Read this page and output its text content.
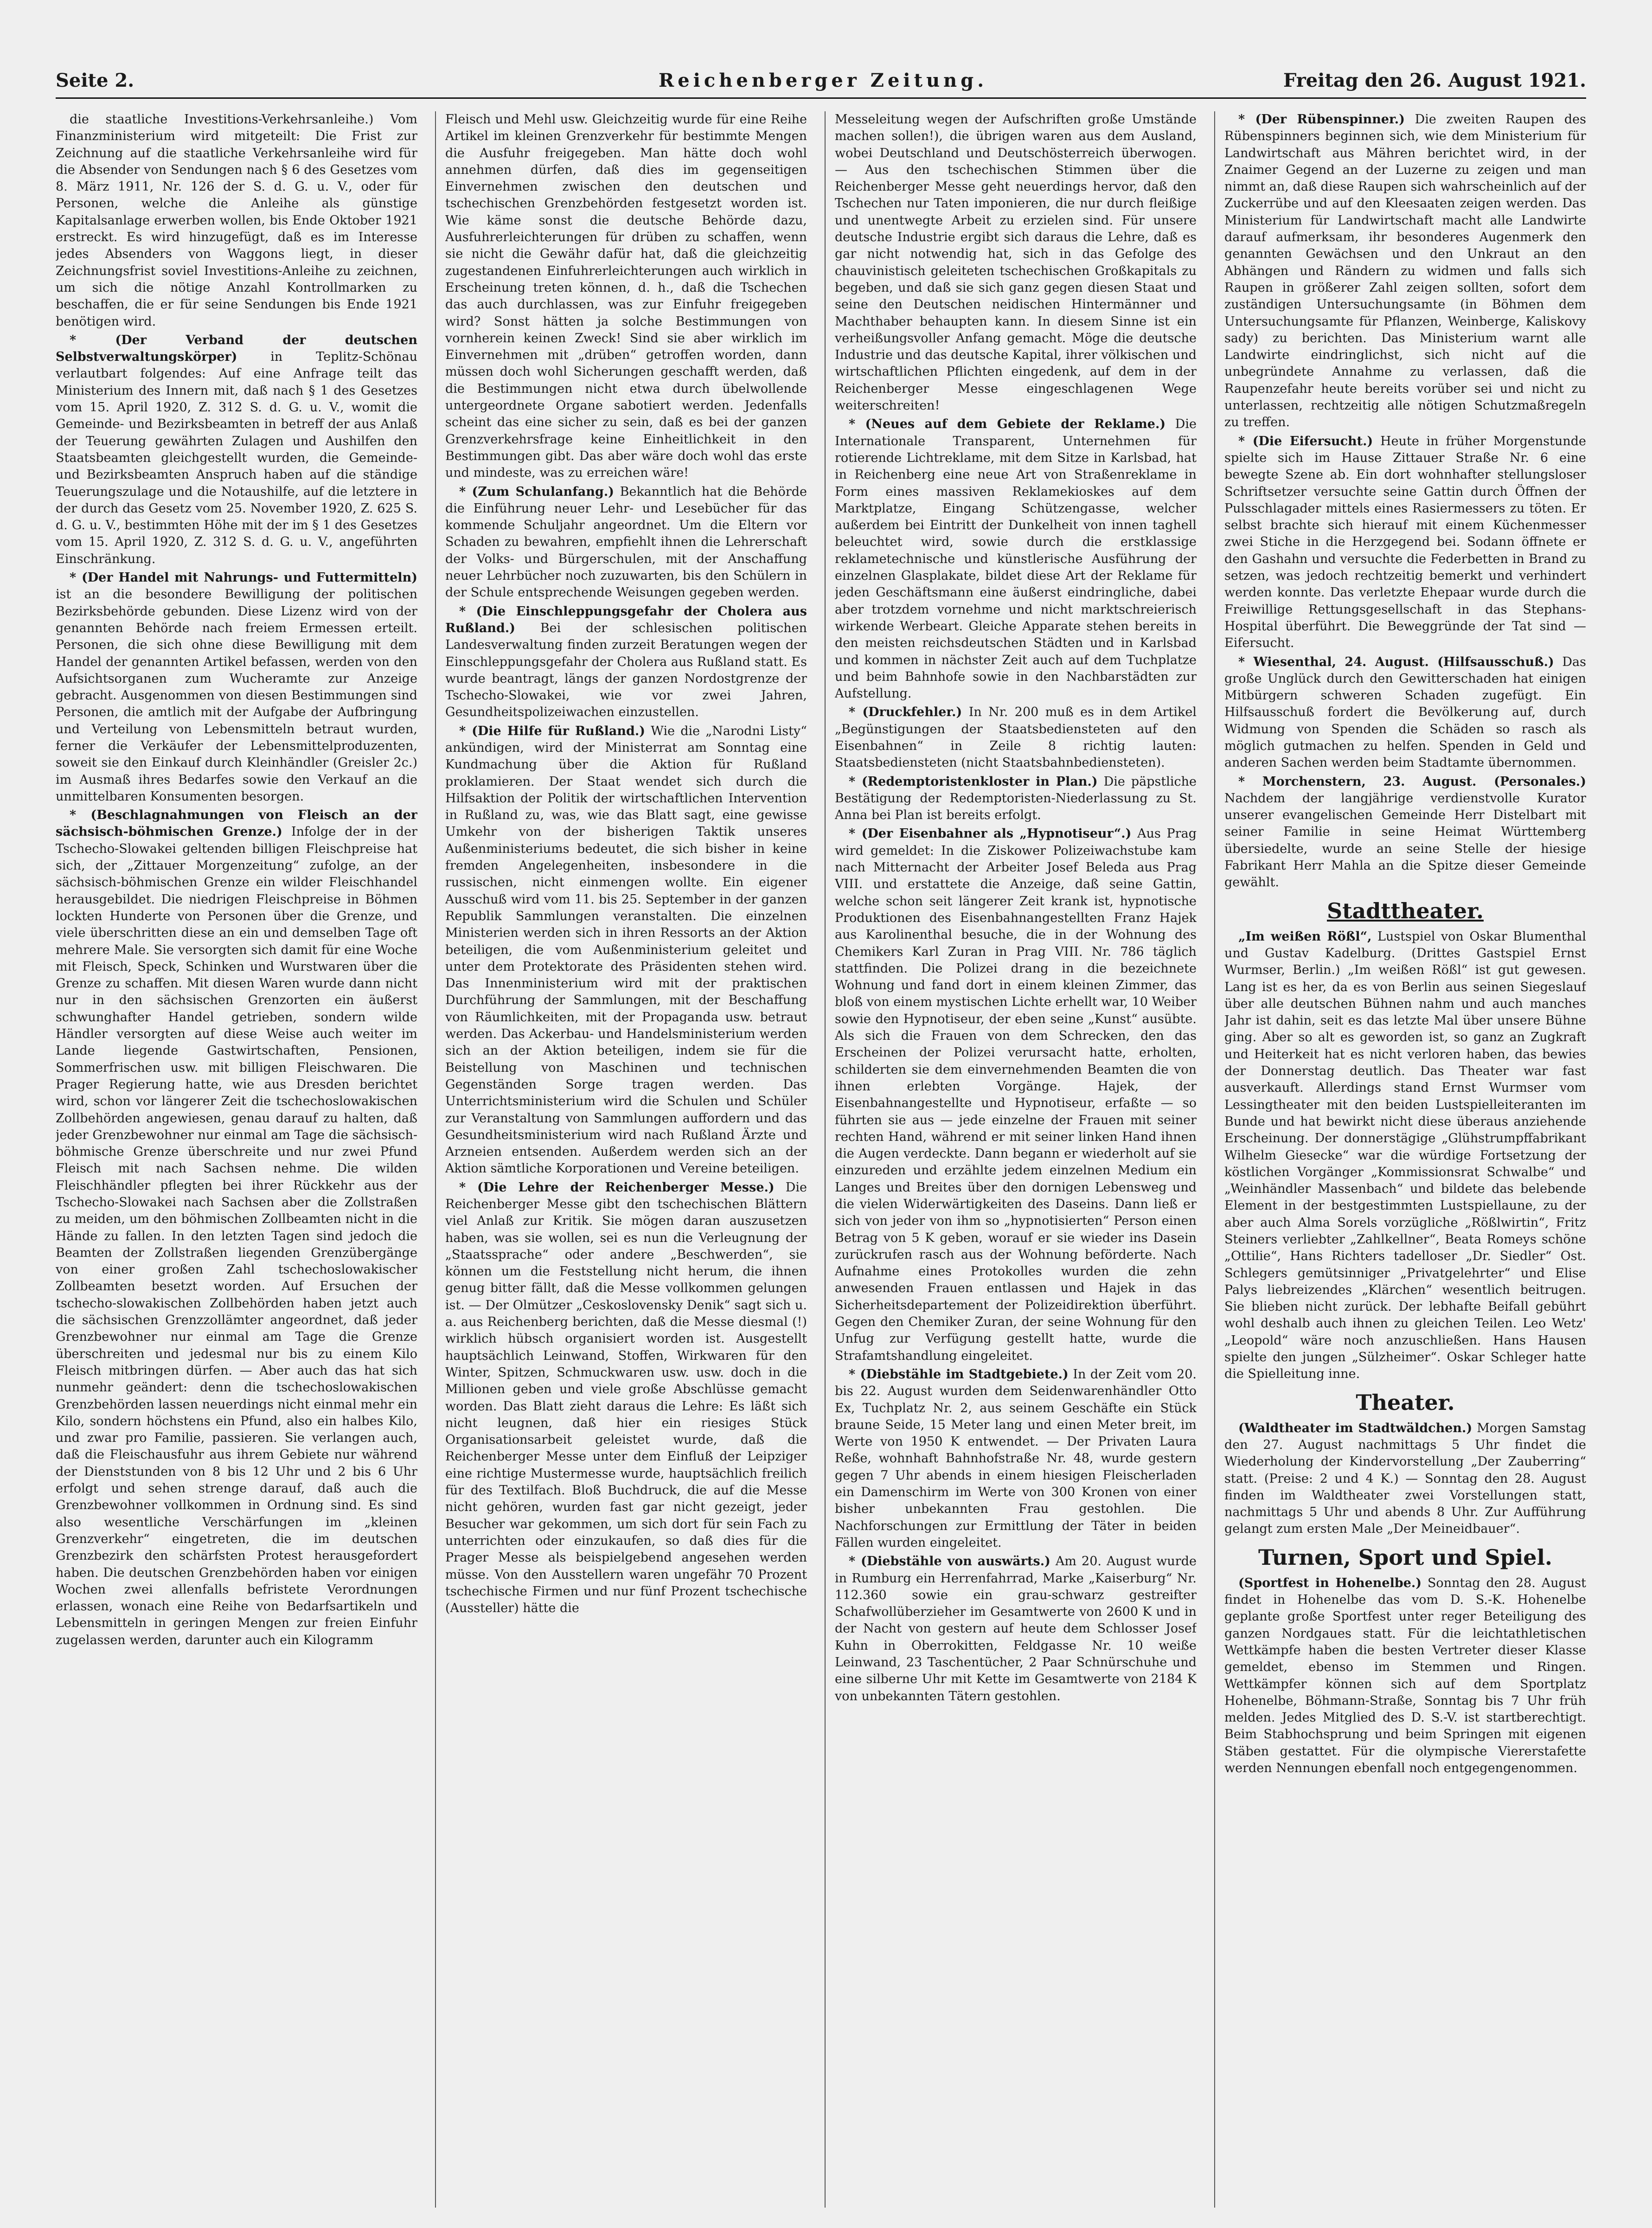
Seite 2.	Reichenberger Zeitung.	Freitag den 26. August 1921.

die staatliche Investitions-Verkehrsanleihe.) Vom Finanzministerium wird mitgeteilt: Die Frist zur Zeichnung auf die staatliche Verkehrsanleihe wird für die Absender von Sendungen nach § 6 des Gesetzes vom 8. März 1911, Nr. 126 der S. d. G. u. V., oder für Personen, welche die Anleihe als günstige Kapitalsanlage erwerben wollen, bis Ende Oktober 1921 erstreckt. Es wird hinzugefügt, daß es im Interesse jedes Absenders von Waggons liegt, in dieser Zeichnungsfrist soviel Investitions-Anleihe zu zeichnen, um sich die nötige Anzahl Kontrollmarken zu beschaffen, die er für seine Sendungen bis Ende 1921 benötigen wird.

* (Der Verband der deutschen Selbstverwaltungskörper)	in Teplitz-Schönau verlautbart folgendes: Auf eine Anfrage teilt das Ministerium des Innern mit, daß nach § 1 des Gesetzes vom 15. April 1920, Z. 312 S. d. G. u. V., womit die Gemeinde- und Bezirksbeamten in betreff der aus Anlaß der Teuerung gewährten Zulagen und Aushilfen den Staatsbeamten gleichgestellt wurden, die Gemeinde- und Bezirksbeamten Anspruch haben auf die ständige Teuerungszulage und die Notaushilfe, auf die letztere in der durch das Gesetz vom 25. November 1920, Z. 625 S. d. G. u. V., bestimmten Höhe mit der im § 1 des Gesetzes vom 15. April 1920, Z. 312 S. d. G. u. V., angeführten Einschränkung.

* (Der Handel mit Nahrungs- und Futtermitteln) ist an die besondere Bewilligung der politischen Bezirksbehörde gebunden. Diese Lizenz wird von der genannten Behörde nach freiem Ermessen erteilt. Personen, die sich ohne diese Bewilligung mit dem Handel der genannten Artikel befassen, werden von den Aufsichtsorganen zum Wucheramte zur Anzeige gebracht. Ausgenommen von diesen Bestimmungen sind Personen, die amtlich mit der Aufgabe der Aufbringung und Verteilung von Lebensmitteln betraut wurden, ferner die Verkäufer der Lebensmittelproduzenten, soweit sie den Einkauf durch Kleinhändler (Greisler 2c.) im Ausmaß ihres Bedarfes sowie den Verkauf an die unmittelbaren Konsumenten besorgen.

* (Beschlagnahmungen von Fleisch an der sächsisch-böhmischen Grenze.) Infolge der in der Tschecho-Slowakei geltenden billigen Fleischpreise hat sich, der „Zittauer Morgenzeitung“ zufolge, an der sächsisch-böhmischen Grenze ein wilder Fleischhandel herausgebildet. Die niedrigen Fleischpreise in Böhmen lockten Hunderte von Personen über die Grenze, und viele überschritten diese an ein und demselben Tage oft mehrere Male. Sie versorgten sich damit für eine Woche mit Fleisch, Speck, Schinken und Wurstwaren über die Grenze zu schaffen. Mit diesen Waren wurde dann nicht nur in den sächsischen Grenzorten ein äußerst schwunghafter Handel getrieben, sondern wilde Händler versorgten auf diese Weise auch weiter im Lande liegende Gastwirtschaften, Pensionen, Sommerfrischen usw. mit billigen Fleischwaren. Die Prager Regierung hatte, wie aus Dresden berichtet wird, schon vor längerer Zeit die tschechoslowakischen Zollbehörden angewiesen, genau darauf zu halten, daß jeder Grenzbewohner nur einmal am Tage die sächsisch-böhmische Grenze überschreite und nur zwei Pfund Fleisch mit nach Sachsen nehme. Die wilden Fleischhändler pflegten bei ihrer Rückkehr aus der Tschecho-Slowakei nach Sachsen aber die Zollstraßen zu meiden, um den böhmischen Zollbeamten nicht in die Hände zu fallen. In den letzten Tagen sind jedoch die Beamten der Zollstraßen liegenden Grenzübergänge von einer großen Zahl tschechoslowakischer Zollbeamten besetzt worden. Auf Ersuchen der tschecho-slowakischen Zollbehörden haben jetzt auch die sächsischen Grenzzollämter angeordnet, daß jeder Grenzbewohner nur einmal am Tage die Grenze überschreiten und jedesmal nur bis zu einem Kilo Fleisch mitbringen dürfen. — Aber auch das hat sich nunmehr geändert: denn die tschechoslowakischen Grenzbehörden lassen neuerdings nicht einmal mehr ein Kilo, sondern höchstens ein Pfund, also ein halbes Kilo, und zwar pro Familie, passieren. Sie verlangen auch, daß die Fleischausfuhr aus ihrem Gebiete nur während der Dienststunden von 8 bis 12 Uhr und 2 bis 6 Uhr erfolgt und sehen strenge darauf, daß auch die Grenzbewohner vollkommen in Ordnung sind. Es sind also wesentliche Verschärfungen im „kleinen Grenzverkehr“ eingetreten, die im deutschen Grenzbezirk den schärfsten Protest herausgefordert haben. Die deutschen Grenzbehörden haben vor einigen Wochen zwei allenfalls befristete Verordnungen erlassen, wonach eine Reihe von Bedarfsartikeln und Lebensmitteln in geringen Mengen zur freien Einfuhr zugelassen werden, darunter auch ein Kilogramm

Fleisch und Mehl usw. Gleichzeitig wurde für eine Reihe Artikel im kleinen Grenzverkehr für bestimmte Mengen die Ausfuhr freigegeben. Man hätte doch wohl annehmen dürfen, daß dies im gegenseitigen Einvernehmen zwischen den deutschen und tschechischen Grenzbehörden festgesetzt worden ist. Wie käme sonst die deutsche Behörde dazu, Ausfuhrerleichterungen für drüben zu schaffen, wenn sie nicht die Gewähr dafür hat, daß die gleichzeitig zugestandenen Einfuhrerleichterungen auch wirklich in Erscheinung treten können, d. h., daß die Tschechen das auch durchlassen, was zur Einfuhr freigegeben wird? Sonst hätten ja solche Bestimmungen von vornherein keinen Zweck! Sind sie aber wirklich im Einvernehmen mit „drüben“ getroffen worden, dann müssen doch wohl Sicherungen geschafft werden, daß die Bestimmungen nicht etwa durch übelwollende untergeordnete Organe sabotiert werden. Jedenfalls scheint das eine sicher zu sein, daß es bei der ganzen Grenzverkehrsfrage keine Einheitlichkeit in den Bestimmungen gibt. Das aber wäre doch wohl das erste und mindeste, was zu erreichen wäre!

* (Zum Schulanfang.) Bekanntlich hat die Behörde die Einführung neuer Lehr- und Lesebücher für das kommende Schuljahr angeordnet. Um die Eltern vor Schaden zu bewahren, empfiehlt ihnen die Lehrerschaft der Volks- und Bürgerschulen, mit der Anschaffung neuer Lehrbücher noch zuzuwarten, bis den Schülern in der Schule entsprechende Weisungen gegeben werden.

* (Die Einschleppungsgefahr der Cholera aus Rußland.) Bei der schlesischen politischen Landesverwaltung finden zurzeit Beratungen wegen der Einschleppungsgefahr der Cholera aus Rußland statt. Es wurde beantragt, längs der ganzen Nordostgrenze der Tschecho-Slowakei, wie vor zwei Jahren, Gesundheitspolizeiwachen einzustellen.

* (Die Hilfe für Rußland.) Wie die „Narodni Listy“ ankündigen, wird der Ministerrat am Sonntag eine Kundmachung über die Aktion für Rußland proklamieren. Der Staat wendet sich durch die Hilfsaktion der Politik der wirtschaftlichen Intervention in Rußland zu, was, wie das Blatt sagt, eine gewisse Umkehr von der bisherigen Taktik unseres Außenministeriums bedeutet, die sich bisher in keine fremden Angelegenheiten, insbesondere in die russischen, nicht einmengen wollte. Ein eigener Ausschuß wird vom 11. bis 25. September in der ganzen Republik Sammlungen veranstalten. Die einzelnen Ministerien werden sich in ihren Ressorts an der Aktion beteiligen, die vom Außenministerium geleitet und unter dem Protektorate des Präsidenten stehen wird. Das Innenministerium wird mit der praktischen Durchführung der Sammlungen, mit der Beschaffung von Räumlichkeiten, mit der Propaganda usw. betraut werden. Das Ackerbau- und Handelsministerium werden sich an der Aktion beteiligen, indem sie für die Beistellung von Maschinen und technischen Gegenständen Sorge tragen werden. Das Unterrichtsministerium wird die Schulen und Schüler zur Veranstaltung von Sammlungen auffordern und das Gesundheitsministerium wird nach Rußland Ärzte und Arzneien entsenden. Außerdem werden sich an der Aktion sämtliche Korporationen und Vereine beteiligen.

* (Die Lehre der Reichenberger Messe.) Die Reichenberger Messe gibt den tschechischen Blättern viel Anlaß zur Kritik. Sie mögen daran auszusetzen haben, was sie wollen, sei es nun die Verleugnung der „Staatssprache“ oder andere „Beschwerden“, sie können um die Feststellung nicht herum, die ihnen genug bitter fällt, daß die Messe vollkommen gelungen ist. — Der Olmützer „Ceskoslovensky Denik“ sagt sich u. a. aus Reichenberg berichten, daß die Messe diesmal (!) wirklich hübsch organisiert worden ist. Ausgestellt hauptsächlich Leinwand, Stoffen, Wirkwaren für den Winter, Spitzen, Schmuckwaren usw. usw. doch in die Millionen geben und viele große Abschlüsse gemacht worden. Das Blatt zieht daraus die Lehre: Es läßt sich nicht leugnen, daß hier ein riesiges Stück Organisationsarbeit geleistet wurde, daß die Reichenberger Messe unter dem Einfluß der Leipziger eine richtige Mustermesse wurde, hauptsächlich freilich für des Textilfach. Bloß Buchdruck, die auf die Messe nicht gehören, wurden fast gar nicht gezeigt, jeder Besucher war gekommen, um sich dort für sein Fach zu unterrichten oder einzukaufen, so daß dies für die Prager Messe als beispielgebend angesehen werden müsse. Von den Ausstellern waren ungefähr 70 Prozent tschechische Firmen und nur fünf Prozent tschechische (Aussteller) hätte die

Messeleitung wegen der Aufschriften große Umstände machen sollen!), die übrigen waren aus dem Ausland, wobei Deutschland und Deutschösterreich überwogen. — Aus den tschechischen Stimmen über die Reichenberger Messe geht neuerdings hervor, daß den Tschechen nur Taten imponieren, die nur durch fleißige und unentwegte Arbeit zu erzielen sind. Für unsere deutsche Industrie ergibt sich daraus die Lehre, daß es gar nicht notwendig hat, sich in das Gefolge des chauvinistisch geleiteten tschechischen Großkapitals zu begeben, und daß sie sich ganz gegen diesen Staat und seine den Deutschen neidischen Hintermänner und Machthaber behaupten kann. In diesem Sinne ist ein verheißungsvoller Anfang gemacht. Möge die deutsche Industrie und das deutsche Kapital, ihrer völkischen und wirtschaftlichen Pflichten eingedenk, auf dem in der Reichenberger Messe eingeschlagenen Wege weiterschreiten!

* (Neues auf dem Gebiete der Reklame.) Die Internationale Transparent, Unternehmen für rotierende Lichtreklame, mit dem Sitze in Karlsbad, hat in Reichenberg eine neue Art von Straßenreklame in Form eines massiven Reklamekioskes auf dem Marktplatze, Eingang Schützengasse, welcher außerdem bei Eintritt der Dunkelheit von innen taghell beleuchtet wird, sowie durch die erstklassige reklametechnische und künstlerische Ausführung der einzelnen Glasplakate, bildet diese Art der Reklame für jeden Geschäftsmann eine äußerst eindringliche, dabei aber trotzdem vornehme und nicht marktschreierisch wirkende Werbeart. Gleiche Apparate stehen bereits in den meisten reichsdeutschen Städten und in Karlsbad und kommen in nächster Zeit auch auf dem Tuchplatze und beim Bahnhofe sowie in den Nachbarstädten zur Aufstellung.

* (Druckfehler.) In Nr. 200 muß es in dem Artikel „Begünstigungen der Staatsbediensteten auf den Eisenbahnen“ in Zeile 8 richtig lauten: Staatsbediensteten (nicht Staatsbahnbediensteten).

* (Redemptoristenkloster in Plan.) Die päpstliche Bestätigung der Redemptoristen-Niederlassung zu St. Anna bei Plan ist bereits erfolgt.

* (Der Eisenbahner als „Hypnotiseur“.) Aus Prag wird gemeldet: In die Ziskower Polizeiwachstube kam nach Mitternacht der Arbeiter Josef Beleda aus Prag VIII. und erstattete die Anzeige, daß seine Gattin, welche schon seit längerer Zeit krank ist, hypnotische Produktionen des Eisenbahnangestellten Franz Hajek aus Karolinenthal besuche, die in der Wohnung des Chemikers Karl Zuran in Prag VIII. Nr. 786 täglich stattfinden. Die Polizei drang in die bezeichnete Wohnung und fand dort in einem kleinen Zimmer, das bloß von einem mystischen Lichte erhellt war, 10 Weiber sowie den Hypnotiseur, der eben seine „Kunst“ ausübte. Als sich die Frauen von dem Schrecken, den das Erscheinen der Polizei verursacht hatte, erholten, schilderten sie dem einvernehmenden Beamten die von ihnen erlebten Vorgänge. Hajek, der Eisenbahnangestellte und Hypnotiseur, erfaßte — so führten sie aus — jede einzelne der Frauen mit seiner rechten Hand, während er mit seiner linken Hand ihnen die Augen verdeckte. Dann begann er wiederholt auf sie einzureden und erzählte jedem einzelnen Medium ein Langes und Breites über den dornigen Lebensweg und die vielen Widerwärtigkeiten des Daseins. Dann ließ er sich von jeder von ihm so „hypnotisierten“ Person einen Betrag von 5 K geben, worauf er sie wieder ins Dasein zurückrufen rasch aus der Wohnung beförderte. Nach Aufnahme eines Protokolles wurden die zehn anwesenden Frauen entlassen und Hajek in das Sicherheitsdepartement der Polizeidirektion überführt. Gegen den Chemiker Zuran, der seine Wohnung für den Unfug zur Verfügung gestellt hatte, wurde die Strafamtshandlung eingeleitet.

* (Diebstähle im Stadtgebiete.) In der Zeit vom 20. bis 22. August wurden dem Seidenwarenhändler Otto Ex, Tuchplatz Nr. 2, aus seinem Geschäfte ein Stück braune Seide, 15 Meter lang und einen Meter breit, im Werte von 1950 K entwendet. — Der Privaten Laura Reße, wohnhaft Bahnhofstraße Nr. 48, wurde gestern gegen 7 Uhr abends in einem hiesigen Fleischerladen ein Damenschirm im Werte von 300 Kronen von einer bisher unbekannten Frau gestohlen. Die Nachforschungen zur Ermittlung der Täter in beiden Fällen wurden eingeleitet.

* (Diebstähle von auswärts.) Am 20. August wurde in Rumburg ein Herrenfahrrad, Marke „Kaiserburg“ Nr. 112.360 sowie ein grau-schwarz gestreifter Schafwollüberzieher im Gesamtwerte von 2600 K und in der Nacht von gestern auf heute dem Schlosser Josef Kuhn in Oberrokitten, Feldgasse Nr. 10 weiße Leinwand, 23 Taschentücher, 2 Paar Schnürschuhe und eine silberne Uhr mit Kette im Gesamtwerte von 2184 K von unbekannten Tätern gestohlen.

* (Der Rübenspinner.) Die zweiten Raupen des Rübenspinners beginnen sich, wie dem Ministerium für Landwirtschaft aus Mähren berichtet wird, in der Znaimer Gegend an der Luzerne zu zeigen und man nimmt an, daß diese Raupen sich wahrscheinlich auf der Zuckerrübe und auf den Kleesaaten zeigen werden. Das Ministerium für Landwirtschaft macht alle Landwirte darauf aufmerksam, ihr besonderes Augenmerk den genannten Gewächsen und den Unkraut an den Abhängen und Rändern zu widmen und falls sich Raupen in größerer Zahl zeigen sollten, sofort dem zuständigen Untersuchungsamte (in Böhmen dem Untersuchungsamte für Pflanzen, Weinberge, Kaliskovy sady) zu berichten. Das Ministerium warnt alle Landwirte eindringlichst, sich nicht auf die unbegründete Annahme zu verlassen, daß die Raupenzefahr heute bereits vorüber sei und nicht zu unterlassen, rechtzeitig alle nötigen Schutzmaßregeln zu treffen.

* (Die Eifersucht.) Heute in früher Morgenstunde spielte sich im Hause Zittauer Straße Nr. 6 eine bewegte Szene ab. Ein dort wohnhafter stellungsloser Schriftsetzer versuchte seine Gattin durch Öffnen der Pulsschlagader mittels eines Rasiermessers zu töten. Er selbst brachte sich hierauf mit einem Küchenmesser zwei Stiche in die Herzgegend bei. Sodann öffnete er den Gashahn und versuchte die Federbetten in Brand zu setzen, was jedoch rechtzeitig bemerkt und verhindert werden konnte. Das verletzte Ehepaar wurde durch die Freiwillige Rettungsgesellschaft in das Stephans-Hospital überführt. Die Beweggründe der Tat sind — Eifersucht.

* Wiesenthal, 24. August. (Hilfsausschuß.) Das große Unglück durch den Gewitterschaden hat einigen Mitbürgern schweren Schaden zugefügt. Ein Hilfsausschuß fordert die Bevölkerung auf, durch Widmung von Spenden die Schäden so rasch als möglich gutmachen zu helfen. Spenden in Geld und anderen Sachen werden beim Stadtamte übernommen.

* Morchenstern, 23. August. (Personales.) Nachdem der langjährige verdienstvolle Kurator unserer evangelischen Gemeinde Herr Distelbart mit seiner Familie in seine Heimat Württemberg übersiedelte, wurde an seine Stelle der hiesige Fabrikant Herr Mahla an die Spitze dieser Gemeinde gewählt.

Stadttheater.

„Im weißen Rößl“, Lustspiel von Oskar Blumenthal und Gustav Kadelburg. (Drittes Gastspiel Ernst Wurmser, Berlin.) „Im weißen Rößl“ ist gut gewesen. Lang ist es her, da es von Berlin aus seinen Siegeslauf über alle deutschen Bühnen nahm und auch manches Jahr ist dahin, seit es das letzte Mal über unsere Bühne ging. Aber so alt es geworden ist, so ganz an Zugkraft und Heiterkeit hat es nicht verloren haben, das bewies der Donnerstag deutlich. Das Theater war fast ausverkauft. Allerdings stand Ernst Wurmser vom Lessingtheater mit den beiden Lustspielleiteranten im Bunde und hat bewirkt nicht diese überaus anziehende Erscheinung. Der donnerstägige „Glühstrumpffabrikant Wilhelm Giesecke“ war die würdige Fortsetzung der köstlichen Vorgänger „Kommissionsrat Schwalbe“ und „Weinhändler Massenbach“ und bildete das belebende Element in der bestgestimmten Lustspiellaune, zu der aber auch Alma Sorels vorzügliche „Rößlwirtin“, Fritz Steiners verliebter „Zahlkellner“, Beata Romeys schöne „Ottilie“, Hans Richters tadelloser „Dr. Siedler“ Ost. Schlegers gemütsinniger „Privatgelehrter“ und Elise Palys liebreizendes „Klärchen“ wesentlich beitrugen. Sie blieben nicht zurück. Der lebhafte Beifall gebührt wohl deshalb auch ihnen zu gleichen Teilen. Leo Wetz' „Leopold“ wäre noch anzuschließen. Hans Hausen spielte den jungen „Sülzheimer“. Oskar Schleger hatte die Spielleitung inne.

Theater.

(Waldtheater im Stadtwäldchen.) Morgen Samstag den 27. August nachmittags 5 Uhr findet die Wiederholung der Kindervorstellung „Der Zauberring“ statt. (Preise: 2 und 4 K.) — Sonntag den 28. August finden im Waldtheater zwei Vorstellungen statt, nachmittags 5 Uhr und abends 8 Uhr. Zur Aufführung gelangt zum ersten Male „Der Meineidbauer“.

Turnen, Sport und Spiel.

(Sportfest in Hohenelbe.) Sonntag den 28. August findet in Hohenelbe das vom D. S.-K. Hohenelbe geplante große Sportfest unter reger Beteiligung des ganzen Nordgaues statt. Für die leichtathletischen Wettkämpfe haben die besten Vertreter dieser Klasse gemeldet, ebenso im Stemmen und Ringen. Wettkämpfer können sich auf dem Sportplatz Hohenelbe, Böhmann-Straße, Sonntag bis 7 Uhr früh melden. Jedes Mitglied des D. S.-V. ist startberechtigt. Beim Stabhochsprung und beim Springen mit eigenen Stäben gestattet. Für die olympische Viererstafette werden Nennungen ebenfall noch entgegengenommen.
